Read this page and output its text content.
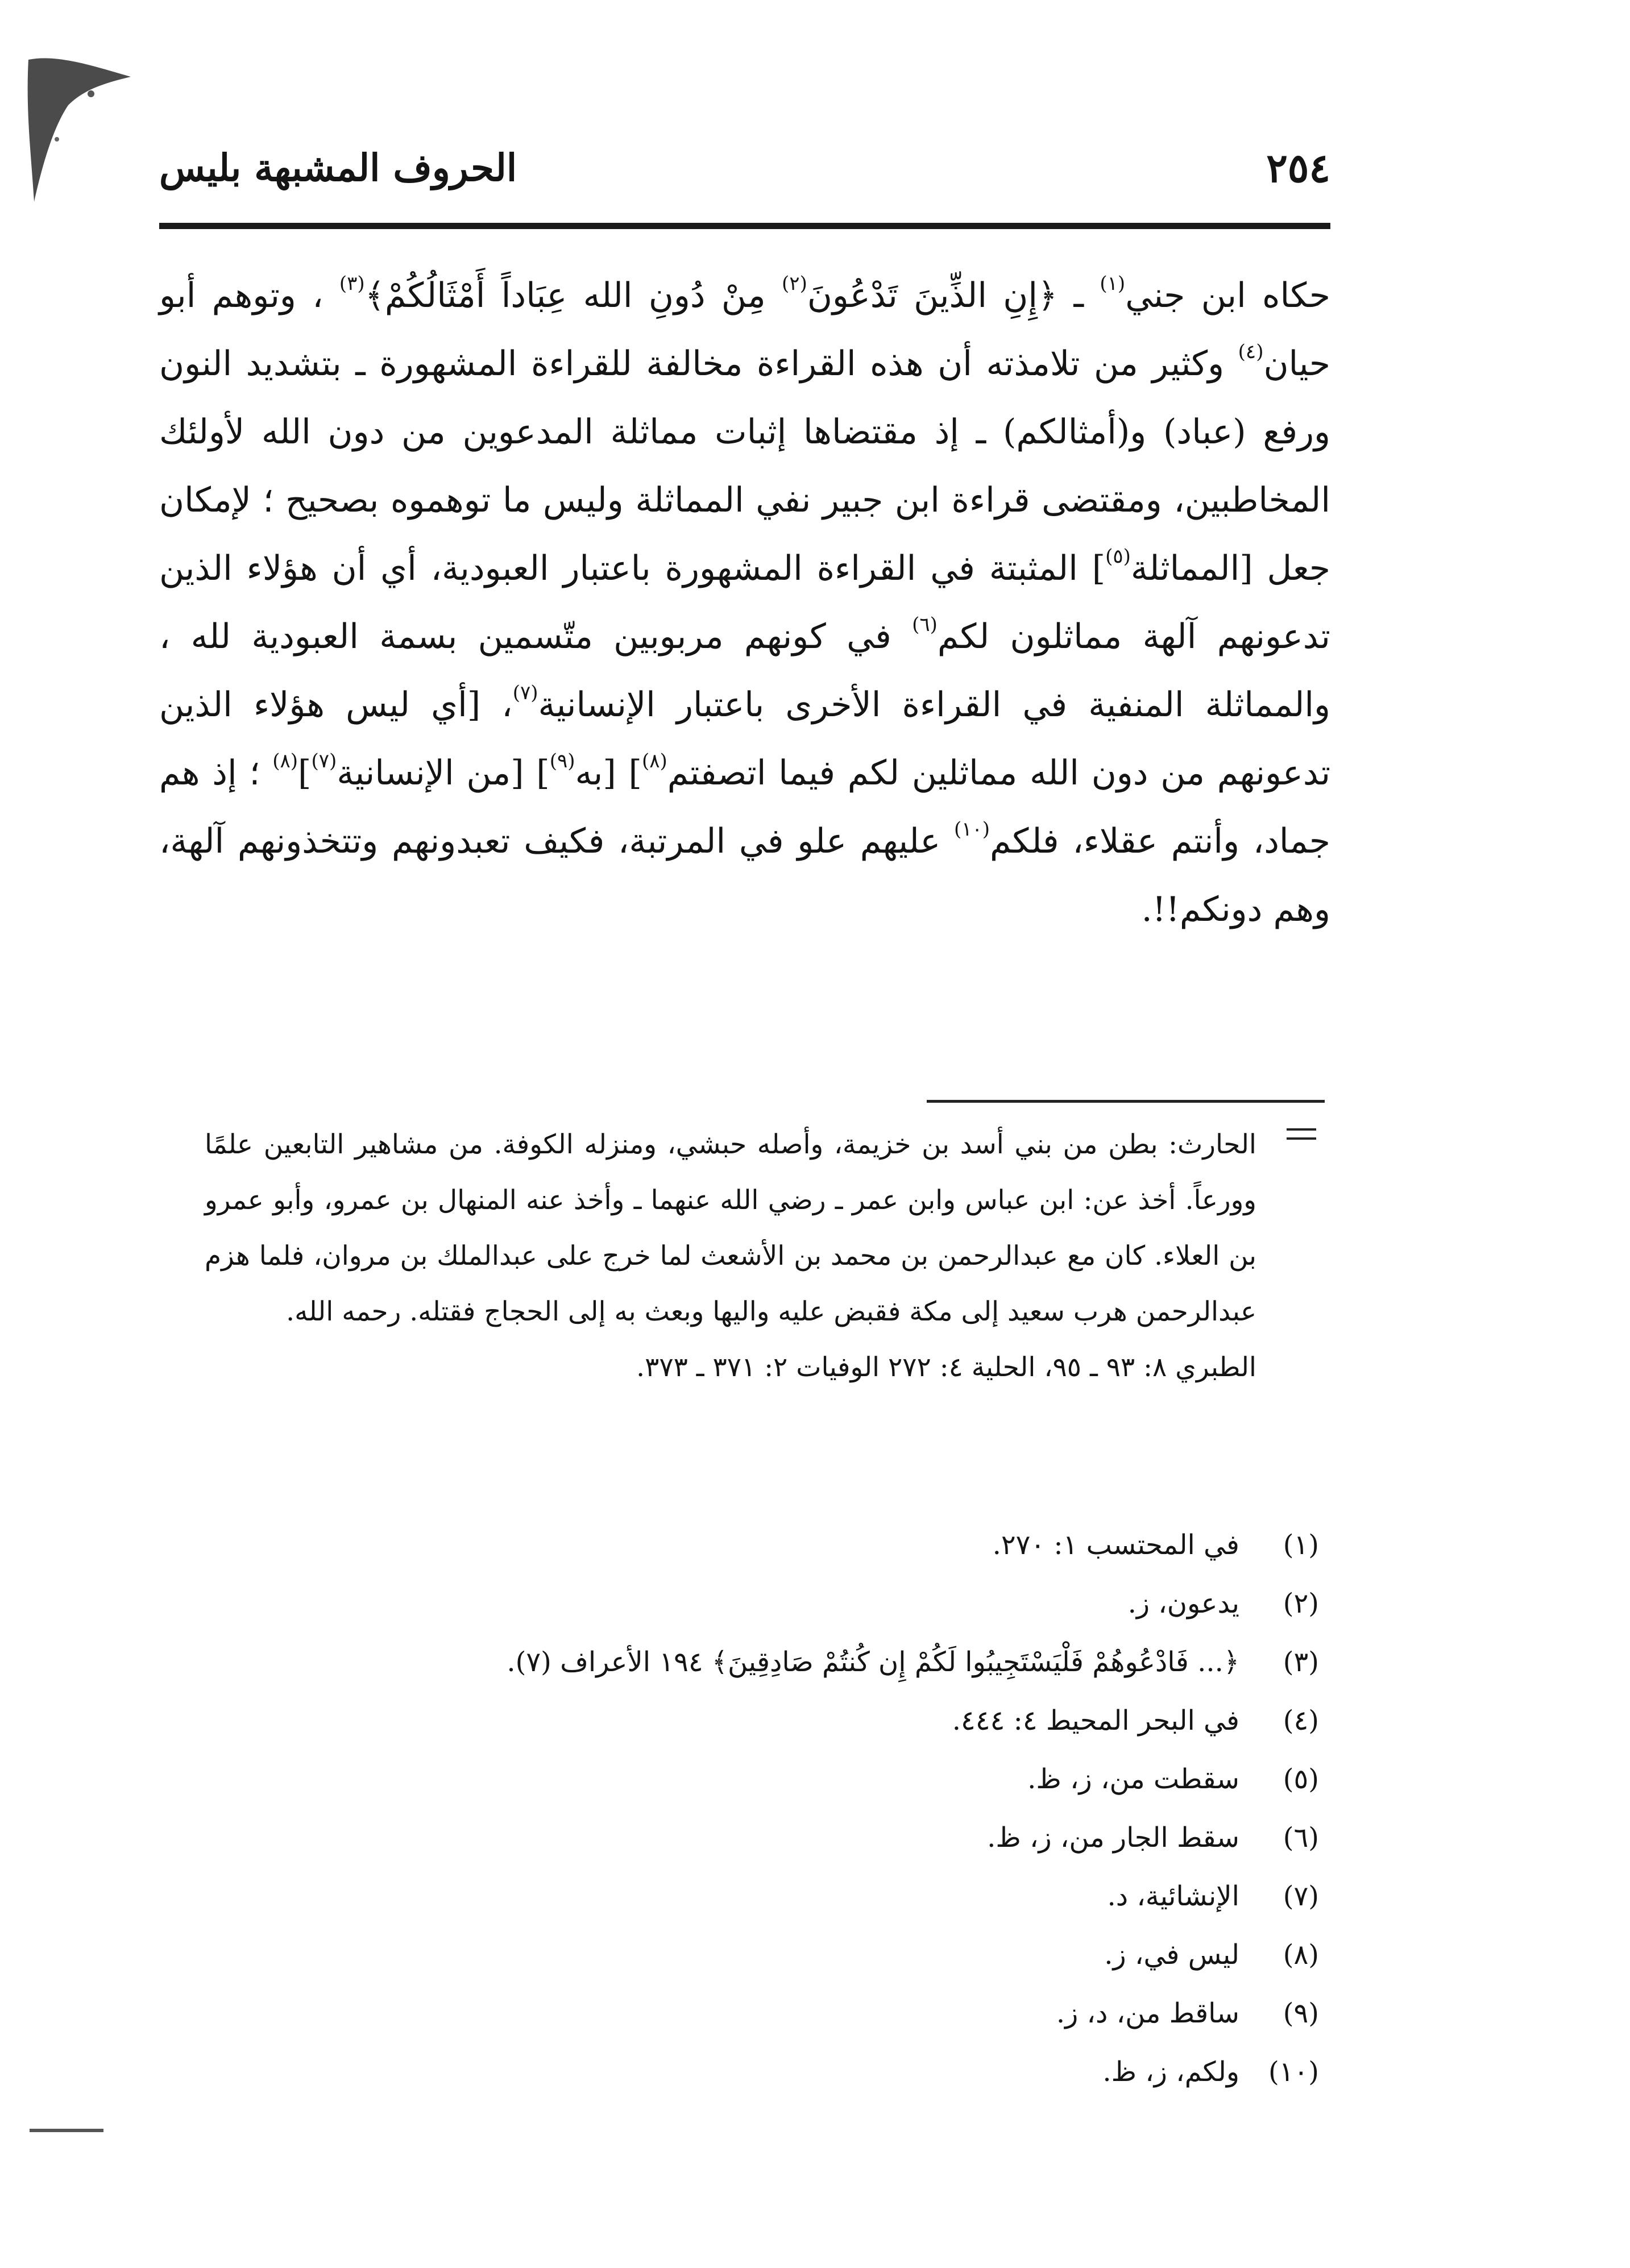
٢٥٤
الحروف المشبهة بليس
حكاه ابن جني$^{(١)}$ ـ ﴿إِنِ الذِّينَ تَدْعُونَ$^{(٢)}$ مِنْ دُونِ الله عِبَاداً أَمْثَالُكُمْ﴾$^{(٣)}$ ، وتوهم أبو حيان$^{(٤)}$ وكثير من تلامذته أن هذه القراءة مخالفة للقراءة المشهورة ـ بتشديد النون ورفع (عباد) و(أمثالكم) ـ إذ مقتضاها إثبات مماثلة المدعوين من دون الله لأولئك المخاطبين، ومقتضى قراءة ابن جبير نفي المماثلة وليس ما توهموه بصحيح ؛ لإمكان جعل [المماثلة$^{(٥)}$] المثبتة في القراءة المشهورة باعتبار العبودية، أي أن هؤلاء الذين تدعونهم آلهة مماثلون لكم$^{(٦)}$ في كونهم مربوبين متّسمين بسمة العبودية لله ، والمماثلة المنفية في القراءة الأخرى باعتبار الإنسانية$^{(٧)}$، [أي ليس هؤلاء الذين تدعونهم من دون الله مماثلين لكم فيما اتصفتم$^{(٨)}$] [به$^{(٩)}$] [من الإنسانية$^{(٧)}$]$^{(٨)}$ ؛ إذ هم جماد، وأنتم عقلاء، فلكم$^{(١٠)}$ عليهم علو في المرتبة، فكيف تعبدونهم وتتخذونهم آلهة، وهم دونكم!!.
الحارث: بطن من بني أسد بن خزيمة، وأصله حبشي، ومنزله الكوفة. من مشاهير التابعين علمًا وورعاً. أخذ عن: ابن عباس وابن عمر ـ رضي الله عنهما ـ وأخذ عنه المنهال بن عمرو، وأبو عمرو بن العلاء. كان مع عبدالرحمن بن محمد بن الأشعث لما خرج على عبدالملك بن مروان، فلما هزم عبدالرحمن هرب سعيد إلى مكة فقبض عليه واليها وبعث به إلى الحجاج فقتله. رحمه الله.
الطبري ٨: ٩٣ ـ ٩٥، الحلية ٤: ٢٧٢ الوفيات ٢: ٣٧١ ـ ٣٧٣.
(١)
في المحتسب ١: ٢٧٠.
(٢)
يدعون، ز.
(٣)
﴿... فَادْعُوهُمْ فَلْيَسْتَجِيبُوا لَكُمْ إِن كُنتُمْ صَادِقِينَ﴾ ١٩٤ الأعراف (٧).
(٤)
في البحر المحيط ٤: ٤٤٤.
(٥)
سقطت من، ز، ظ.
(٦)
سقط الجار من، ز، ظ.
(٧)
الإنشائية، د.
(٨)
ليس في، ز.
(٩)
ساقط من، د، ز.
(١٠)
ولكم، ز، ظ.
